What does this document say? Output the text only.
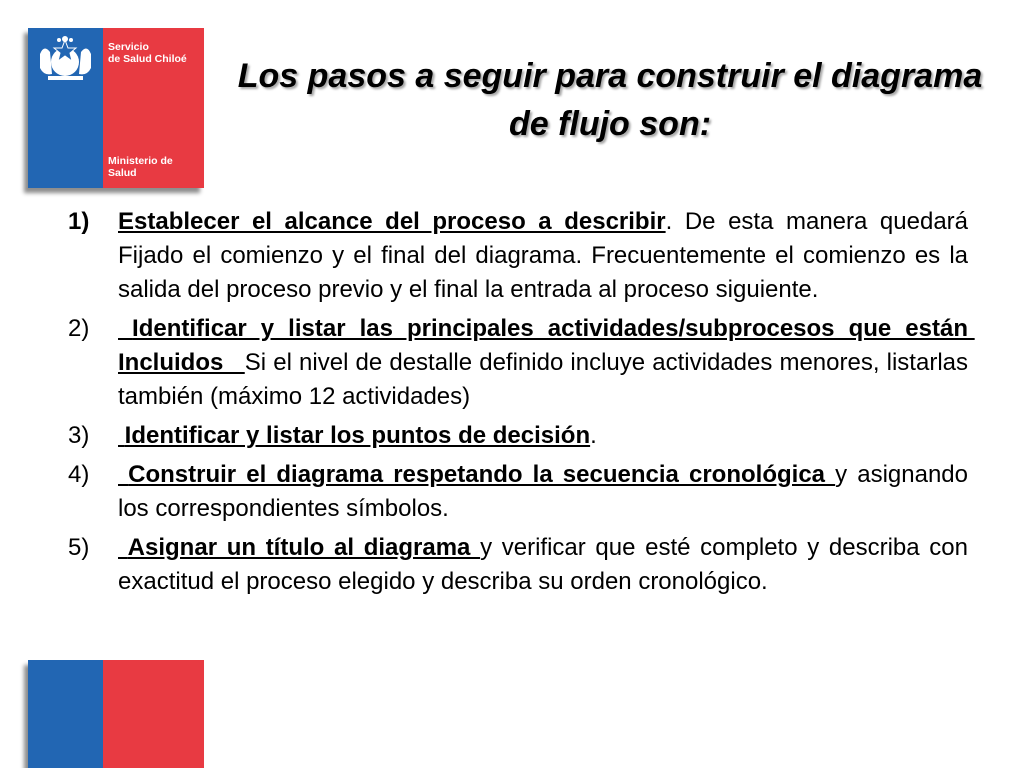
Servicio
de Salud Chiloé
Ministerio de
Salud
Los pasos a seguir para construir el diagrama de flujo son:
1) Establecer el alcance del proceso a describir. De esta manera quedará Fijado el comienzo y el final del diagrama. Frecuentemente el comienzo es la salida del proceso previo y el final la entrada al proceso siguiente.
2) Identificar y listar las principales actividades/subprocesos que están Incluidos   Si el nivel de destalle definido incluye actividades menores, listarlas también (máximo 12 actividades)
3) Identificar y listar los puntos de decisión.
4) Construir el diagrama respetando la secuencia cronológica y asignando los correspondientes símbolos.
5) Asignar un título al diagrama y verificar que esté completo y describa con exactitud el proceso elegido y describa su orden cronológico.
